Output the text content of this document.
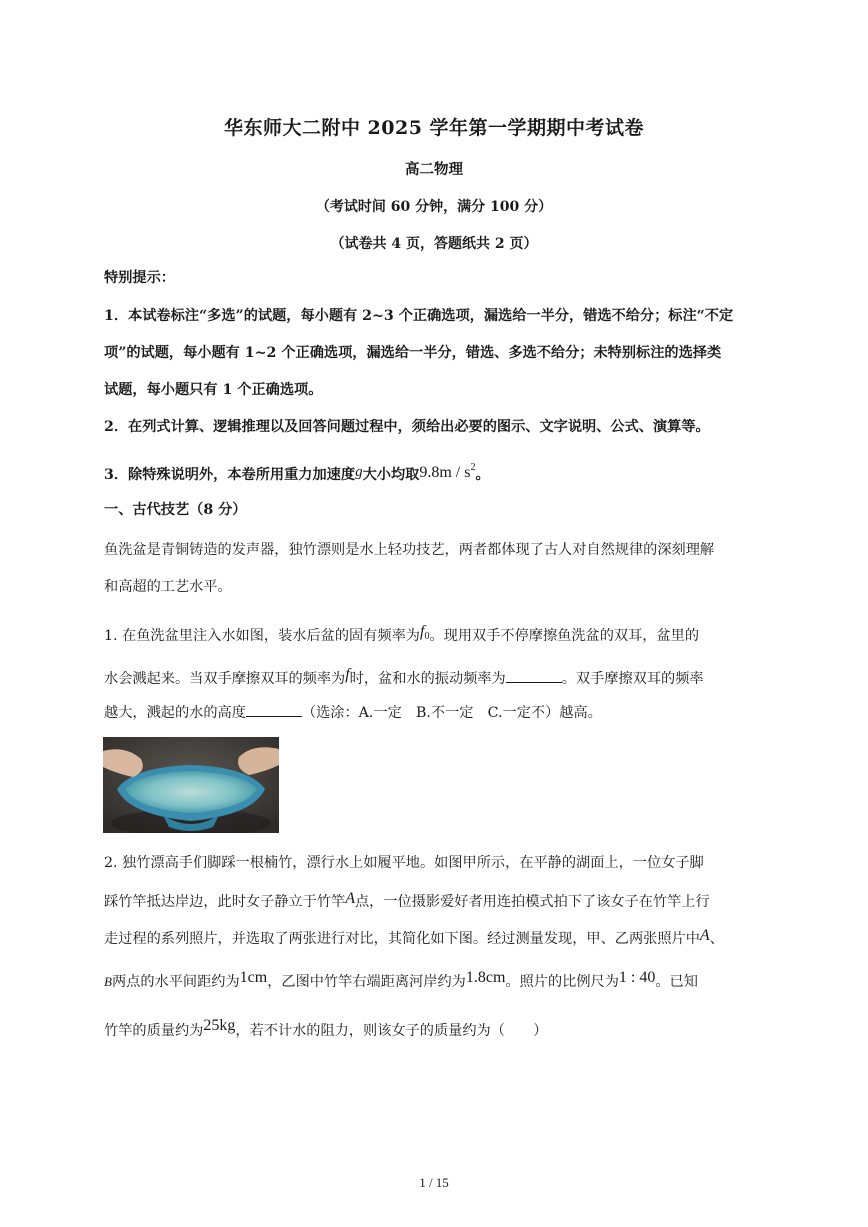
华东师大二附中 2025 学年第一学期期中考试卷
高二物理
（考试时间 60 分钟，满分 100 分）
（试卷共 4 页，答题纸共 2 页）
特别提示：
1．本试卷标注“多选”的试题，每小题有 2~3 个正确选项，漏选给一半分，错选不给分；标注“不定
项”的试题，每小题有 1~2 个正确选项，漏选给一半分，错选、多选不给分；未特别标注的选择类
试题，每小题只有 1 个正确选项。
2．在列式计算、逻辑推理以及回答问题过程中，须给出必要的图示、文字说明、公式、演算等。
3．除特殊说明外，本卷所用重力加速度g大小均取$9.8m / s^2$。
一、古代技艺（8 分）
鱼洗盆是青铜铸造的发声器，独竹漂则是水上轻功技艺，两者都体现了古人对自然规律的深刻理解
和高超的工艺水平。
1. 在鱼洗盆里注入水如图，装水后盆的固有频率为$f_0$。现用双手不停摩擦鱼洗盆的双耳，盆里的
水会溅起来。当双手摩擦双耳的频率为f时，盆和水的振动频率为	。双手摩擦双耳的频率
越大，溅起的水的高度	（选涂：A.一定　B.不一定　C.一定不）越高。
2. 独竹漂高手们脚踩一根楠竹，漂行水上如履平地。如图甲所示，在平静的湖面上，一位女子脚
踩竹竿抵达岸边，此时女子静立于竹竿A点，一位摄影爱好者用连拍模式拍下了该女子在竹竿上行
走过程的系列照片，并选取了两张进行对比，其简化如下图。经过测量发现，甲、乙两张照片中A、
B两点的水平间距约为1cm，乙图中竹竿右端距离河岸约为1.8cm。照片的比例尺为1 : 40。已知
竹竿的质量约为25kg，若不计水的阻力，则该女子的质量约为（　　）
1 / 15
